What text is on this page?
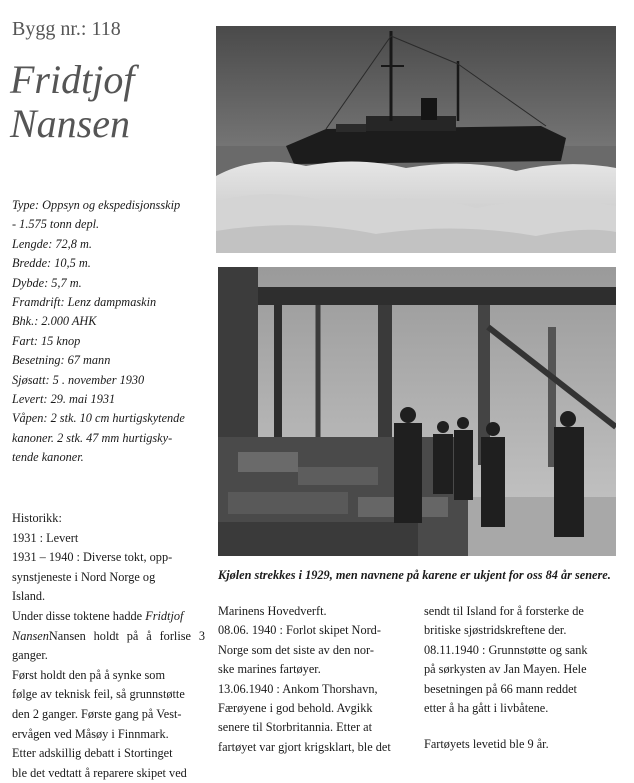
Bygg nr.: 118
Fridtjof
Nansen
Type: Oppsyn og ekspedisjonsskip
- 1.575 tonn depl.
Lengde: 72,8 m.
Bredde: 10,5 m.
Dybde: 5,7 m.
Framdrift: Lenz dampmaskin
Bhk.: 2.000 AHK
Fart: 15 knop
Besetning: 67 mann
Sjøsatt: 5 . november 1930
Levert: 29. mai 1931
Våpen: 2 stk. 10 cm hurtigskytende
kanoner. 2 stk. 47 mm hurtigsky-
tende kanoner.
Historikk:
1931 : Levert
1931 – 1940 : Diverse tokt, opp-
synstjeneste i Nord Norge og
Island.
Under disse toktene hadde Fridtjof
NansenNansen holdt på å forlise 3 ganger.
Først holdt den på å synke som
følge av teknisk feil, så grunnstøtte
den 2 ganger. Første gang på Vest-
ervågen ved Måsøy i Finnmark.
Etter adskillig debatt i Stortinget
ble det vedtatt å reparere skipet ved
Kjølen strekkes i 1929, men navnene på karene er ukjent for oss 84 år senere.
Marinens Hovedverft.
08.06. 1940 : Forlot skipet Nord-
Norge som det siste av den nor-
ske marines fartøyer.
13.06.1940 : Ankom Thorshavn,
Færøyene i god behold. Avgikk
senere til Storbritannia. Etter at
fartøyet var gjort krigsklart, ble det
sendt til Island for å forsterke de
britiske sjøstridskreftene der.
08.11.1940 : Grunnstøtte og sank
på sørkysten av Jan Mayen. Hele
besetningen på 66 mann reddet
etter å ha gått i livbåtene.
Fartøyets levetid ble 9 år.
